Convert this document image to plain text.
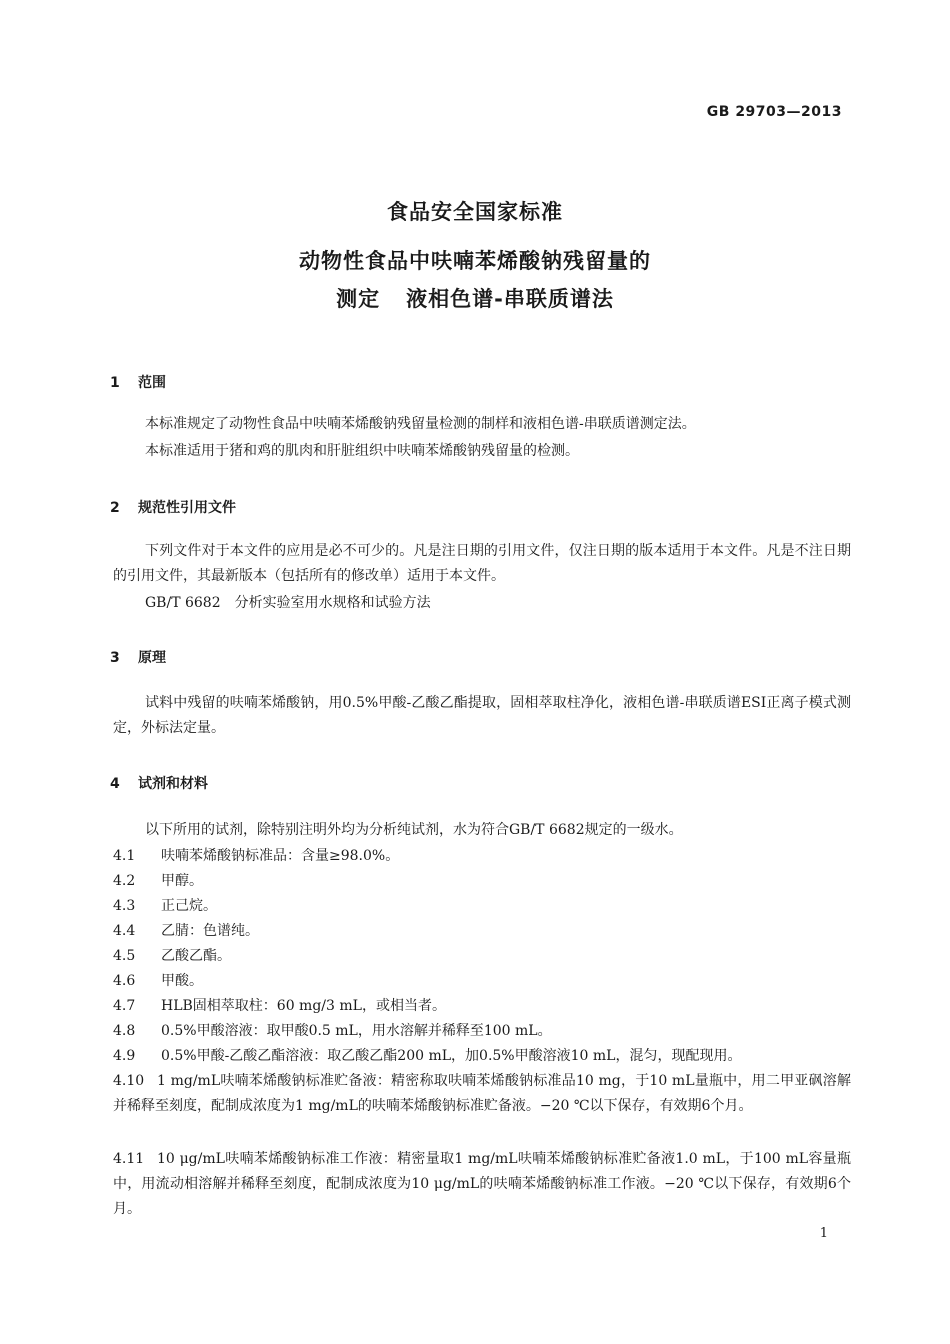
GB 29703—2013
食品安全国家标准
动物性食品中呋喃苯烯酸钠残留量的
测定 液相色谱-串联质谱法
1 范围
本标准规定了动物性食品中呋喃苯烯酸钠残留量检测的制样和液相色谱-串联质谱测定法。
本标准适用于猪和鸡的肌肉和肝脏组织中呋喃苯烯酸钠残留量的检测。
2 规范性引用文件
下列文件对于本文件的应用是必不可少的。凡是注日期的引用文件，仅注日期的版本适用于本文件。凡是不注日期的引用文件，其最新版本（包括所有的修改单）适用于本文件。
GB/T 6682　分析实验室用水规格和试验方法
3 原理
试料中残留的呋喃苯烯酸钠，用0.5%甲酸-乙酸乙酯提取，固相萃取柱净化，液相色谱-串联质谱ESI正离子模式测定，外标法定量。
4 试剂和材料
以下所用的试剂，除特别注明外均为分析纯试剂，水为符合GB/T 6682规定的一级水。
4.1 呋喃苯烯酸钠标准品：含量≥98.0%。
4.2 甲醇。
4.3 正己烷。
4.4 乙腈：色谱纯。
4.5 乙酸乙酯。
4.6 甲酸。
4.7 HLB固相萃取柱：60 mg/3 mL，或相当者。
4.8 0.5%甲酸溶液：取甲酸0.5 mL，用水溶解并稀释至100 mL。
4.9 0.5%甲酸-乙酸乙酯溶液：取乙酸乙酯200 mL，加0.5%甲酸溶液10 mL，混匀，现配现用。
4.10 1 mg/mL呋喃苯烯酸钠标准贮备液：精密称取呋喃苯烯酸钠标准品10 mg，于10 mL量瓶中，用二甲亚砜溶解并稀释至刻度，配制成浓度为1 mg/mL的呋喃苯烯酸钠标准贮备液。−20 ℃以下保存，有效期6个月。
4.11 10 μg/mL呋喃苯烯酸钠标准工作液：精密量取1 mg/mL呋喃苯烯酸钠标准贮备液1.0 mL，于100 mL容量瓶中，用流动相溶解并稀释至刻度，配制成浓度为10 μg/mL的呋喃苯烯酸钠标准工作液。−20 ℃以下保存，有效期6个月。
1
